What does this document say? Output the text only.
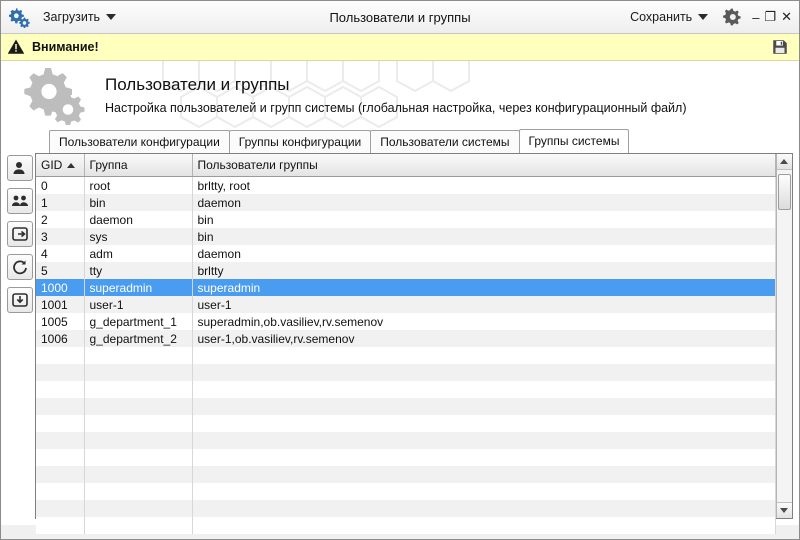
Загрузить	Пользователи и группы	Сохранить	‒ ❐ ✕
Внимание!
Пользователи и группы
Настройка пользователей и групп системы (глобальная настройка, через конфигурационный файл)
Пользователи конфигурации	Группы конфигурации	Пользователи системы	Группы системы
GID	Группа	Пользователи группы
0	root	brltty, root
1	bin	daemon
2	daemon	bin
3	sys	bin
4	adm	daemon
5	tty	brltty
1000	superadmin	superadmin
1001	user-1	user-1
1005	g_department_1	superadmin,ob.vasiliev,rv.semenov
1006	g_department_2	user-1,ob.vasiliev,rv.semenov
